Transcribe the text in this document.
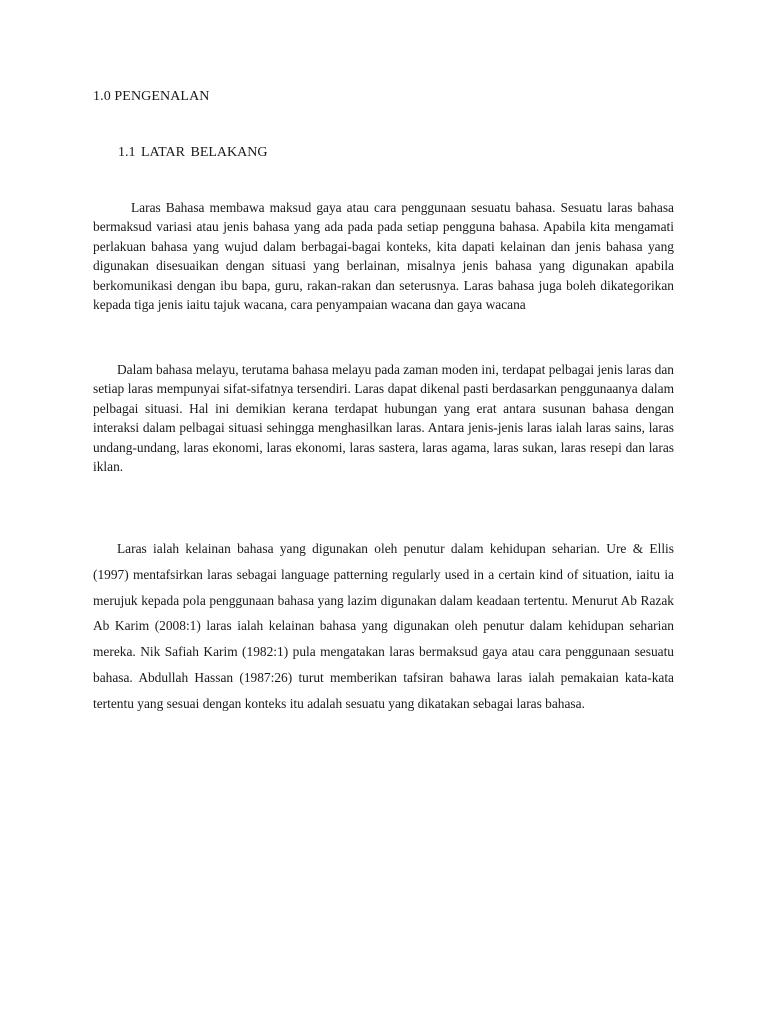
1.0 PENGENALAN
1.1 LATAR BELAKANG

Laras Bahasa membawa maksud gaya atau cara penggunaan sesuatu bahasa. Sesuatu laras bahasa bermaksud variasi atau jenis bahasa yang ada pada pada setiap pengguna bahasa. Apabila kita mengamati perlakuan bahasa yang wujud dalam berbagai-bagai konteks, kita dapati kelainan dan jenis bahasa yang digunakan disesuaikan dengan situasi yang berlainan, misalnya jenis bahasa yang digunakan apabila berkomunikasi dengan ibu bapa, guru, rakan-rakan dan seterusnya. Laras bahasa juga boleh dikategorikan kepada tiga jenis iaitu tajuk wacana, cara penyampaian wacana dan gaya wacana

Dalam bahasa melayu, terutama bahasa melayu pada zaman moden ini, terdapat pelbagai jenis laras dan setiap laras mempunyai sifat-sifatnya tersendiri. Laras dapat dikenal pasti berdasarkan penggunaanya dalam pelbagai situasi. Hal ini demikian kerana terdapat hubungan yang erat antara susunan bahasa dengan interaksi dalam pelbagai situasi sehingga menghasilkan laras. Antara jenis-jenis laras ialah laras sains, laras undang-undang, laras ekonomi, laras ekonomi, laras sastera, laras agama, laras sukan, laras resepi dan laras iklan.

Laras ialah kelainan bahasa yang digunakan oleh penutur dalam kehidupan seharian. Ure & Ellis (1997) mentafsirkan laras sebagai language patterning regularly used in a certain kind of situation, iaitu ia merujuk kepada pola penggunaan bahasa yang lazim digunakan dalam keadaan tertentu. Menurut Ab Razak Ab Karim (2008:1) laras ialah kelainan bahasa yang digunakan oleh penutur dalam kehidupan seharian mereka. Nik Safiah Karim (1982:1) pula mengatakan laras bermaksud gaya atau cara penggunaan sesuatu bahasa. Abdullah Hassan (1987:26) turut memberikan tafsiran bahawa laras ialah pemakaian kata-kata tertentu yang sesuai dengan konteks itu adalah sesuatu yang dikatakan sebagai laras bahasa.
